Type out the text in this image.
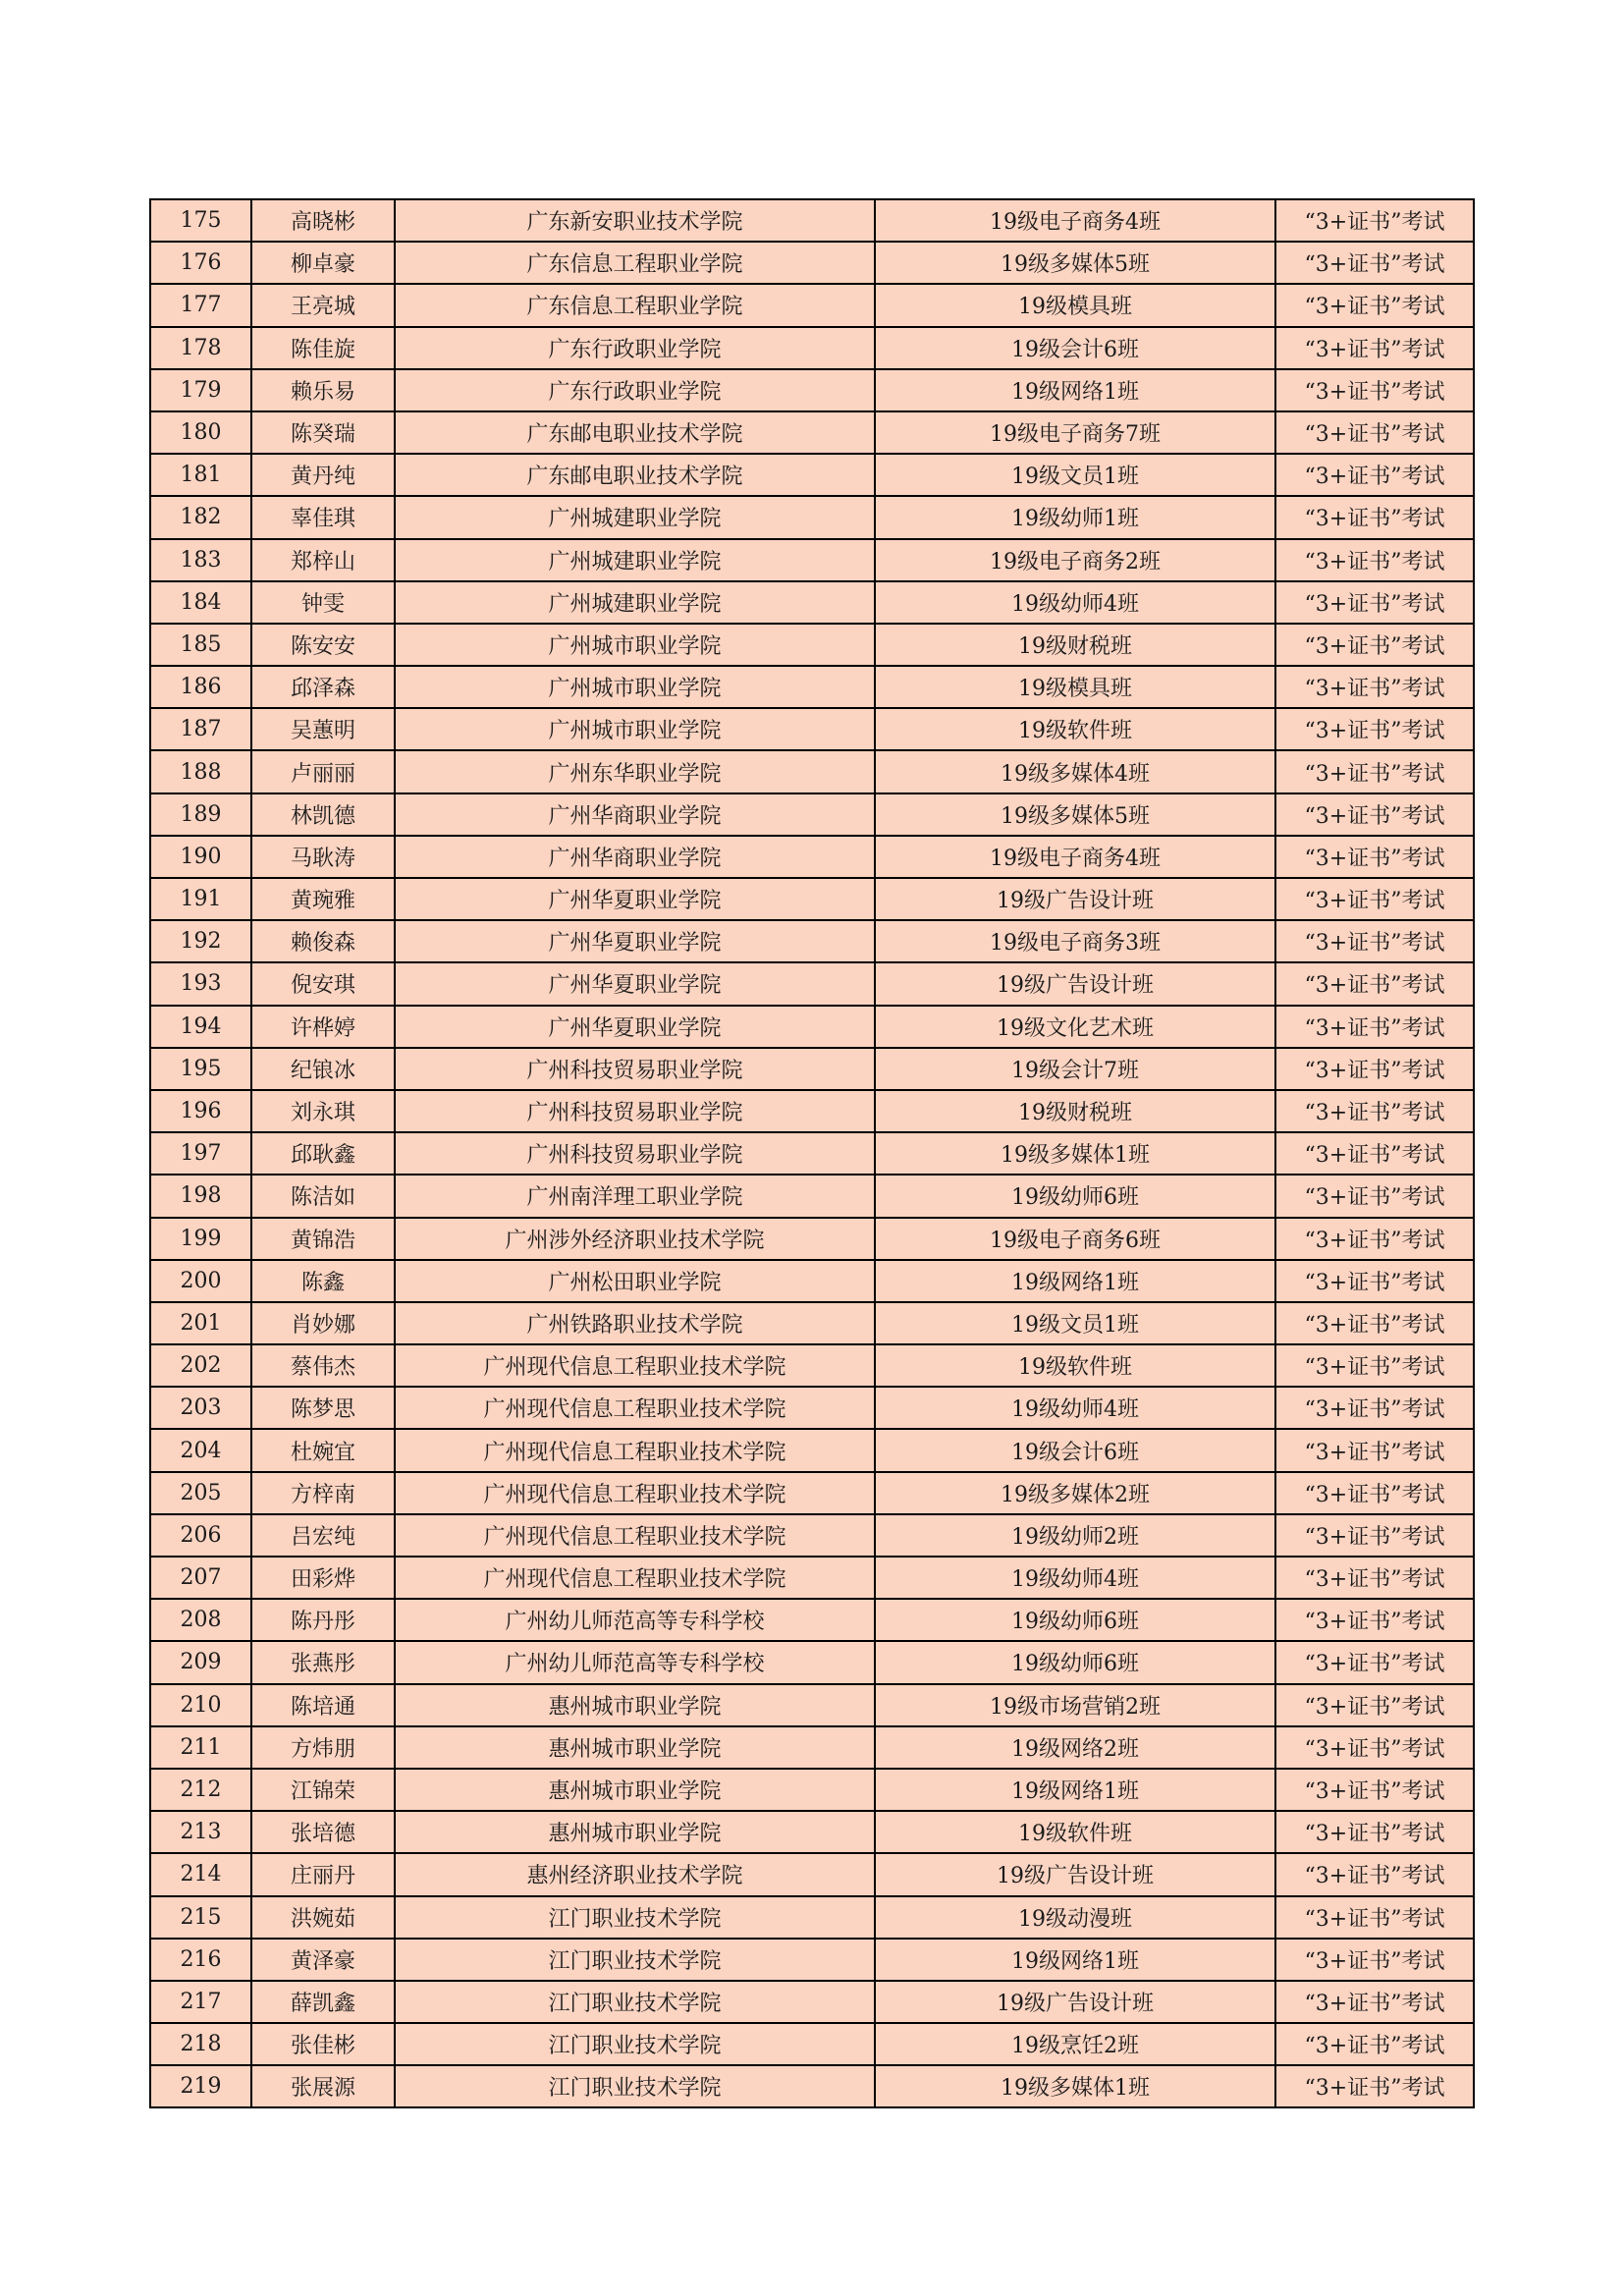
175	高晓彬	广东新安职业技术学院	19级电子商务4班	“3+证书”考试
176	柳卓豪	广东信息工程职业学院	19级多媒体5班	“3+证书”考试
177	王亮城	广东信息工程职业学院	19级模具班	“3+证书”考试
178	陈佳旋	广东行政职业学院	19级会计6班	“3+证书”考试
179	赖乐易	广东行政职业学院	19级网络1班	“3+证书”考试
180	陈癸瑞	广东邮电职业技术学院	19级电子商务7班	“3+证书”考试
181	黄丹纯	广东邮电职业技术学院	19级文员1班	“3+证书”考试
182	辜佳琪	广州城建职业学院	19级幼师1班	“3+证书”考试
183	郑梓山	广州城建职业学院	19级电子商务2班	“3+证书”考试
184	钟雯	广州城建职业学院	19级幼师4班	“3+证书”考试
185	陈安安	广州城市职业学院	19级财税班	“3+证书”考试
186	邱泽森	广州城市职业学院	19级模具班	“3+证书”考试
187	吴蕙明	广州城市职业学院	19级软件班	“3+证书”考试
188	卢丽丽	广州东华职业学院	19级多媒体4班	“3+证书”考试
189	林凯德	广州华商职业学院	19级多媒体5班	“3+证书”考试
190	马耿涛	广州华商职业学院	19级电子商务4班	“3+证书”考试
191	黄琬雅	广州华夏职业学院	19级广告设计班	“3+证书”考试
192	赖俊森	广州华夏职业学院	19级电子商务3班	“3+证书”考试
193	倪安琪	广州华夏职业学院	19级广告设计班	“3+证书”考试
194	许桦婷	广州华夏职业学院	19级文化艺术班	“3+证书”考试
195	纪锒冰	广州科技贸易职业学院	19级会计7班	“3+证书”考试
196	刘永琪	广州科技贸易职业学院	19级财税班	“3+证书”考试
197	邱耿鑫	广州科技贸易职业学院	19级多媒体1班	“3+证书”考试
198	陈洁如	广州南洋理工职业学院	19级幼师6班	“3+证书”考试
199	黄锦浩	广州涉外经济职业技术学院	19级电子商务6班	“3+证书”考试
200	陈鑫	广州松田职业学院	19级网络1班	“3+证书”考试
201	肖妙娜	广州铁路职业技术学院	19级文员1班	“3+证书”考试
202	蔡伟杰	广州现代信息工程职业技术学院	19级软件班	“3+证书”考试
203	陈梦思	广州现代信息工程职业技术学院	19级幼师4班	“3+证书”考试
204	杜婉宜	广州现代信息工程职业技术学院	19级会计6班	“3+证书”考试
205	方梓南	广州现代信息工程职业技术学院	19级多媒体2班	“3+证书”考试
206	吕宏纯	广州现代信息工程职业技术学院	19级幼师2班	“3+证书”考试
207	田彩烨	广州现代信息工程职业技术学院	19级幼师4班	“3+证书”考试
208	陈丹彤	广州幼儿师范高等专科学校	19级幼师6班	“3+证书”考试
209	张燕彤	广州幼儿师范高等专科学校	19级幼师6班	“3+证书”考试
210	陈培通	惠州城市职业学院	19级市场营销2班	“3+证书”考试
211	方炜朋	惠州城市职业学院	19级网络2班	“3+证书”考试
212	江锦荣	惠州城市职业学院	19级网络1班	“3+证书”考试
213	张培德	惠州城市职业学院	19级软件班	“3+证书”考试
214	庄丽丹	惠州经济职业技术学院	19级广告设计班	“3+证书”考试
215	洪婉茹	江门职业技术学院	19级动漫班	“3+证书”考试
216	黄泽豪	江门职业技术学院	19级网络1班	“3+证书”考试
217	薛凯鑫	江门职业技术学院	19级广告设计班	“3+证书”考试
218	张佳彬	江门职业技术学院	19级烹饪2班	“3+证书”考试
219	张展源	江门职业技术学院	19级多媒体1班	“3+证书”考试
